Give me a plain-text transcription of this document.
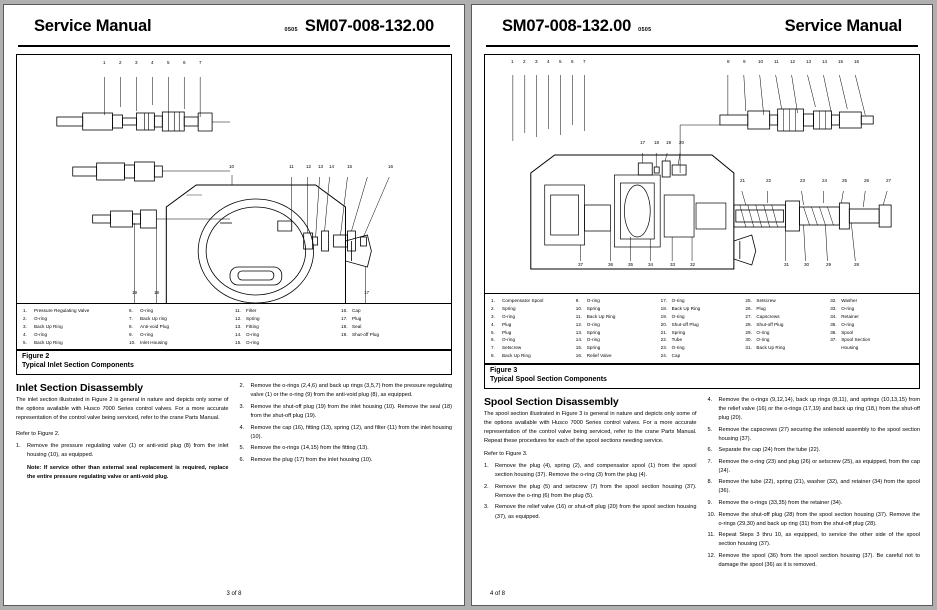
Service Manual	0505 SM07-008-132.00
1	2	3	4	5	6	7
10	11	12 13 14	15	16
19	18	17
1. Pressure Regulating Valve
2. O-ring
3. Back Up Ring
4. O-ring
5. Back Up Ring
6. O-ring
7. Back Up ring
8. Anti-void Plug
9. O-ring
10. Inlet Housing
11. Filter
12. Spring
13. Fitting
14. O-ring
15. O-ring
16. Cap
17. Plug
18. Seal
19. Shut-off Plug
Figure 2
Typical Inlet Section Components
Inlet Section Disassembly

The inlet section illustrated in Figure 2 is general in nature and depicts only some of the options available with Husco 7000 Series control valves. For a more accurate representation of the control valve being serviced, refer to the crane Parts Manual.

Refer to Figure 2.

1.	Remove the pressure regulating valve (1) or anti-void plug (8) from the inlet housing (10), as equipped.
Note: If service other than external seal replacement is required, replace the entire pressure regulating valve or anti-void plug.
2.	Remove the o-rings (2,4,6) and back up rings (3,5,7) from the pressure regulating valve (1) or the o-ring (9) from the anti-void plug (8), as equipped.
3.	Remove the shut-off plug (19) from the inlet housing (10). Remove the seal (18) from the shut-off plug (19).
4.	Remove the cap (16), fitting (13), spring (12), and filter (11) from the inlet housing (10).
5.	Remove the o-rings (14,15) from the fitting (13).
6.	Remove the plug (17) from the inlet housing (10).
3 of 8
SM07-008-132.00 0505	Service Manual
1 2 3 4 5 6 7	8	9	10 11 12 13 14 15 16
17 18 19 20
21	22	23	24	25	26	27
37	36	35	34	33	32	31	30	29	28
1. Compensator Spool
2. Spring
3. O-ring
4. Plug
5. Plug
6. O-ring
7. Setscrew
8. Back Up Ring
9. O-ring
10. Spring
11. Back Up Ring
12. O-ring
13. Spring
14. O-ring
15. Spring
16. Relief Valve
17. O-ring
18. Back Up Ring
19. O-ring
20. Shut-off Plug
21. Spring
22. Tube
23. O-ring
24. Cap
25. Setscrew
26. Plug
27. Capscrews
28. Shut-off Plug
29. O-ring
30. O-ring
31. Back Up Ring
32. Washer
33. O-ring
34. Retainer
35. O-ring
36. Spool
37. Spool Section
Housing
Figure 3
Typical Spool Section Components
Spool Section Disassembly

The spool section illustrated in Figure 3 is general in nature and depicts only some of the options available with Husco 7000 Series control valves. For a more accurate representation of the control valve being serviced, refer to the crane Parts Manual. Repeat these procedures for each of the spool sections needing service.

Refer to Figure 3.

1.	Remove the plug (4), spring (2), and compensator spool (1) from the spool section housing (37). Remove the o-ring (3) from the plug (4).
2.	Remove the plug (5) and setscrew (7) from the spool section housing (37). Remove the o-ring (6) from the plug (5).
3.	Remove the relief valve (16) or shut-off plug (20) from the spool section housing (37), as equipped.
4.	Remove the o-rings (9,12,14), back up rings (8,11), and springs (10,13,15) from the relief valve (16) or the o-rings (17,19) and back up ring (18,) from the shut-off plug (20).
5.	Remove the capscrews (27) securing the solenoid assembly to the spool section housing (37).
6.	Separate the cap (24) from the tube (22).
7.	Remove the o-ring (23) and plug (26) or setscrew (25), as equipped, from the cap (24).
8.	Remove the tube (22), spring (21), washer (32), and retainer (34) from the spool (36).
9.	Remove the o-rings (33,35) from the retainer (34).
10. Remove the shut-off plug (28) from the spool section housing (37). Remove the o-rings (29,30) and back up ring (31) from the shut-off plug (28).
11. Repeat Steps 3 thru 10, as equipped, to service the other side of the spool section housing (37).
12. Remove the spool (36) from the spool section housing (37). Be careful not to damage the spool (36) as it is removed.
4 of 8
